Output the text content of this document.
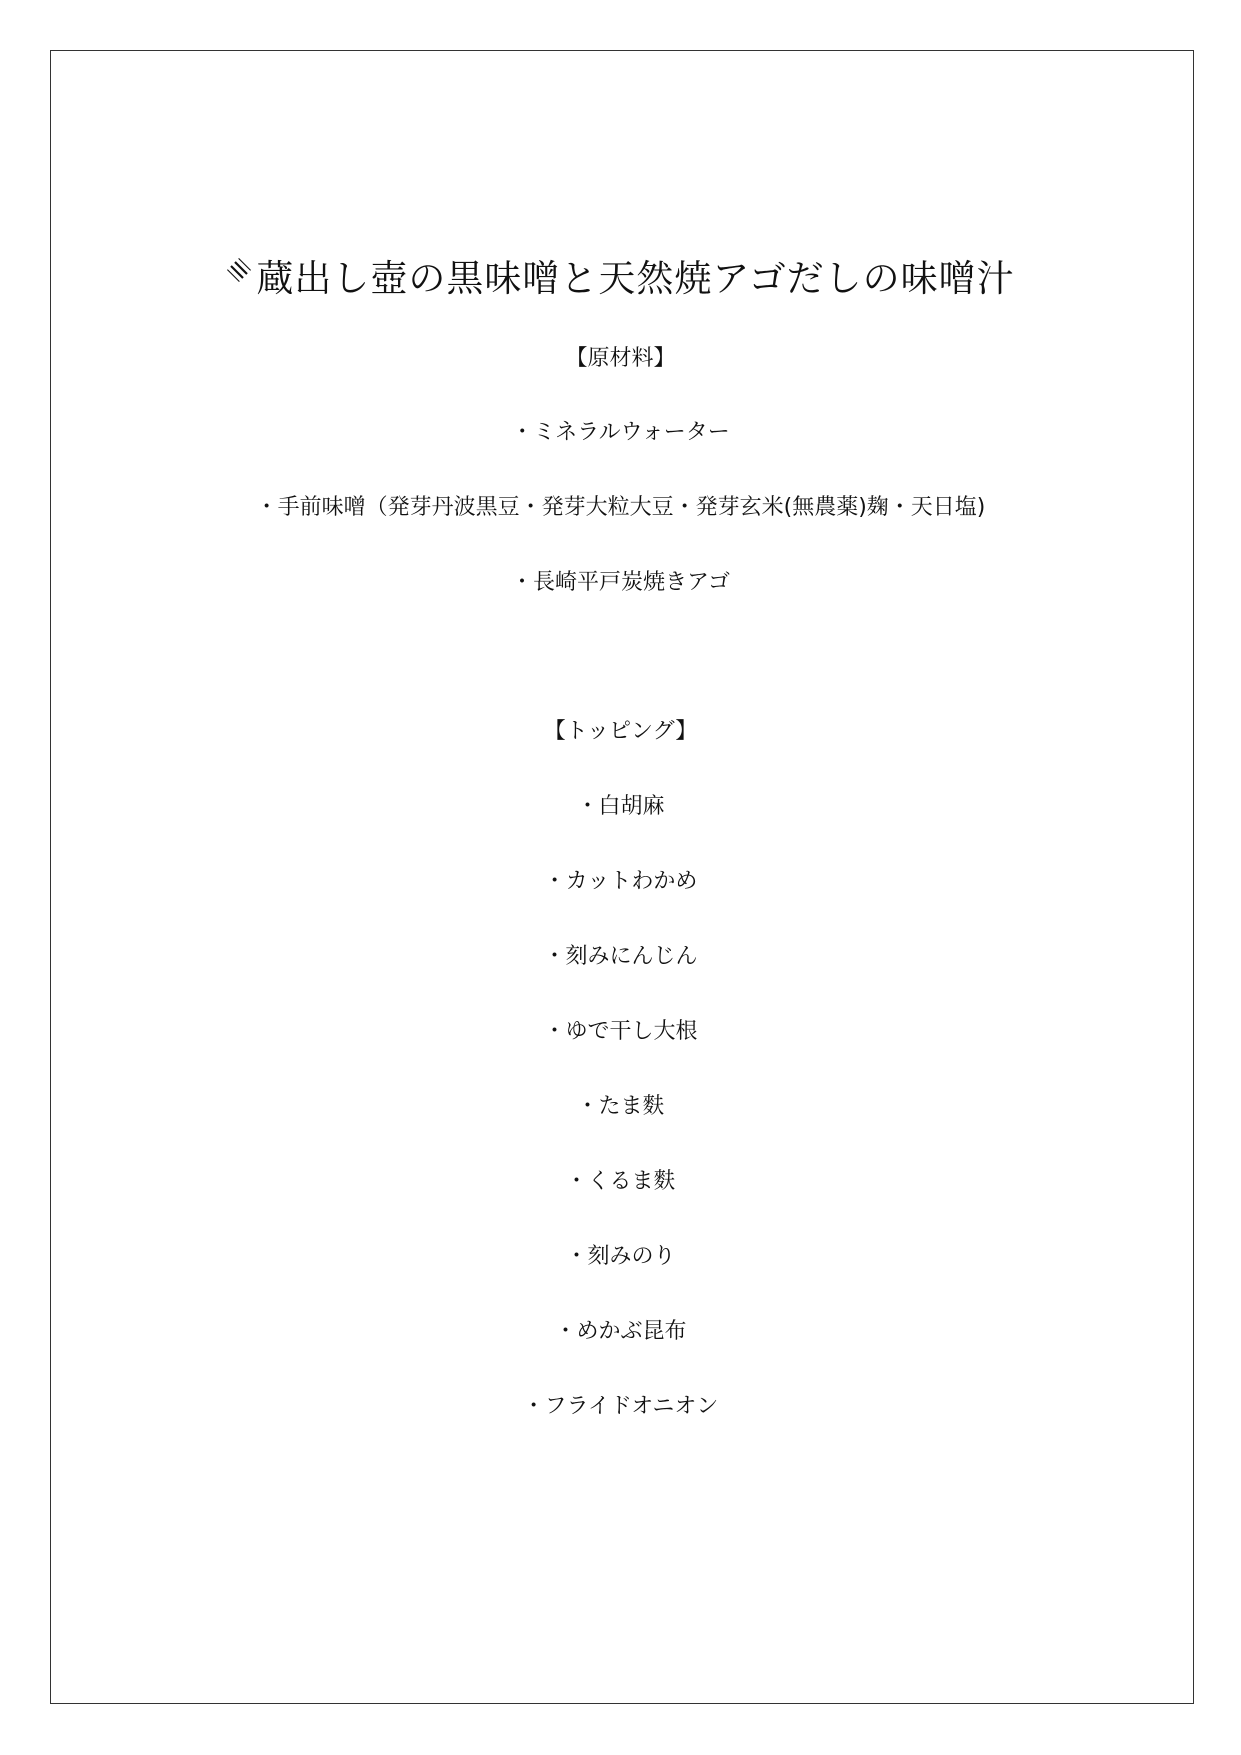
蔵出し壺の黒味噌と天然焼アゴだしの味噌汁
【原材料】
・ミネラルウォーター
・手前味噌（発芽丹波黒豆・発芽大粒大豆・発芽玄米(無農薬)麹・天日塩)
・長崎平戸炭焼きアゴ
【トッピング】
・白胡麻
・カットわかめ
・刻みにんじん
・ゆで干し大根
・たま麩
・くるま麩
・刻みのり
・めかぶ昆布
・フライドオニオン
